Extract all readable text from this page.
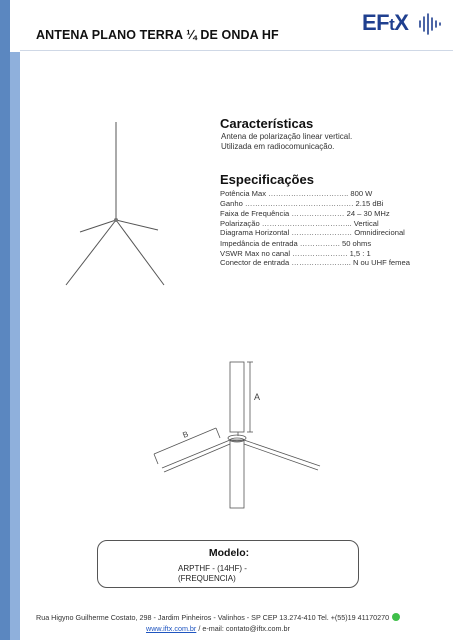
ANTENA PLANO TERRA ¼ DE ONDA HF	EFtX
Características
Antena de polarização linear vertical.
Utilizada em radiocomunicação.
Especificações
Potência Max ………………………….. 800 W
Ganho ……………………………………. 2.15 dBi
Faixa de Frequência ………………… 24 – 30 MHz
Polarização ……………………………... Vertical
Diagrama Horizontal …………………… Omnidirecional
Impedância de entrada ……………. 50 ohms
VSWR Max no canal …………………. 1,5 : 1
Conector de entrada …………………... N ou UHF femea
A
B
Modelo:
ARPTHF - (14HF) -
(FREQUENCIA)
Rua Higyno Guilherme Costato, 298 - Jardim Pinheiros - Valinhos - SP CEP 13.274-410 Tel. +(55)19 41170270
www.iftx.com.br / e-mail: contato@iftx.com.br
